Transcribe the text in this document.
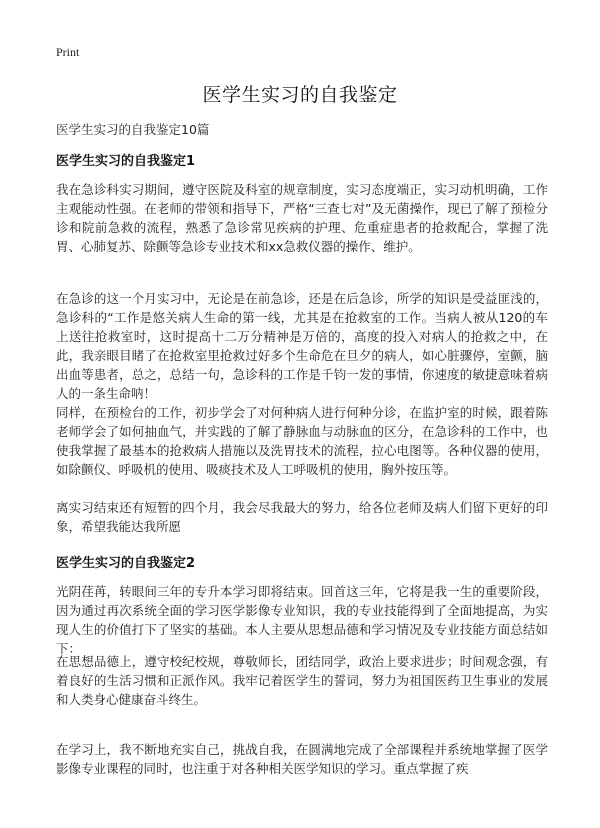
Print
医学生实习的自我鉴定
医学生实习的自我鉴定10篇

医学生实习的自我鉴定1

我在急诊科实习期间，遵守医院及科室的规章制度，实习态度端正，实习动机明确，工作主观能动性强。在老师的带领和指导下，严格“三查七对”及无菌操作，现已了解了预检分诊和院前急救的流程，熟悉了急诊常见疾病的护理、危重症患者的抢救配合，掌握了洗胃、心肺复苏、除颤等急诊专业技术和xx急救仪器的操作、维护。

在急诊的这一个月实习中，无论是在前急诊，还是在后急诊，所学的知识是受益匪浅的，急诊科的“工作是悠关病人生命的第一线，尤其是在抢救室的工作。当病人被从120的车上送往抢救室时，这时提高十二万分精神是万倍的，高度的投入对病人的抢救之中，在此，我亲眼目睹了在抢救室里抢救过好多个生命危在旦夕的病人，如心脏骤停，室颤，脑出血等患者，总之，总结一句，急诊科的工作是千钧一发的事情，你速度的敏捷意味着病人的一条生命呐！

同样，在预检台的工作，初步学会了对何种病人进行何种分诊，在监护室的时候，跟着陈老师学会了如何抽血气，并实践的了解了静脉血与动脉血的区分，在急诊科的工作中，也使我掌握了最基本的抢救病人措施以及洗胃技术的流程，拉心电图等。各种仪器的使用，如除颤仪、呼吸机的使用、吸痰技术及人工呼吸机的使用，胸外按压等。

离实习结束还有短暂的四个月，我会尽我最大的努力，给各位老师及病人们留下更好的印象，希望我能达我所愿

医学生实习的自我鉴定2

光阴荏苒，转眼间三年的专升本学习即将结束。回首这三年，它将是我一生的重要阶段，因为通过再次系统全面的学习医学影像专业知识，我的专业技能得到了全面地提高，为实现人生的价值打下了坚实的基础。本人主要从思想品德和学习情况及专业技能方面总结如下：

在思想品德上，遵守校纪校规，尊敬师长，团结同学，政治上要求进步；时间观念强，有着良好的生活习惯和正派作风。我牢记着医学生的誓词，努力为祖国医药卫生事业的发展和人类身心健康奋斗终生。

在学习上，我不断地充实自己，挑战自我，在圆满地完成了全部课程并系统地掌握了医学影像专业课程的同时，也注重于对各种相关医学知识的学习。重点掌握了疾
